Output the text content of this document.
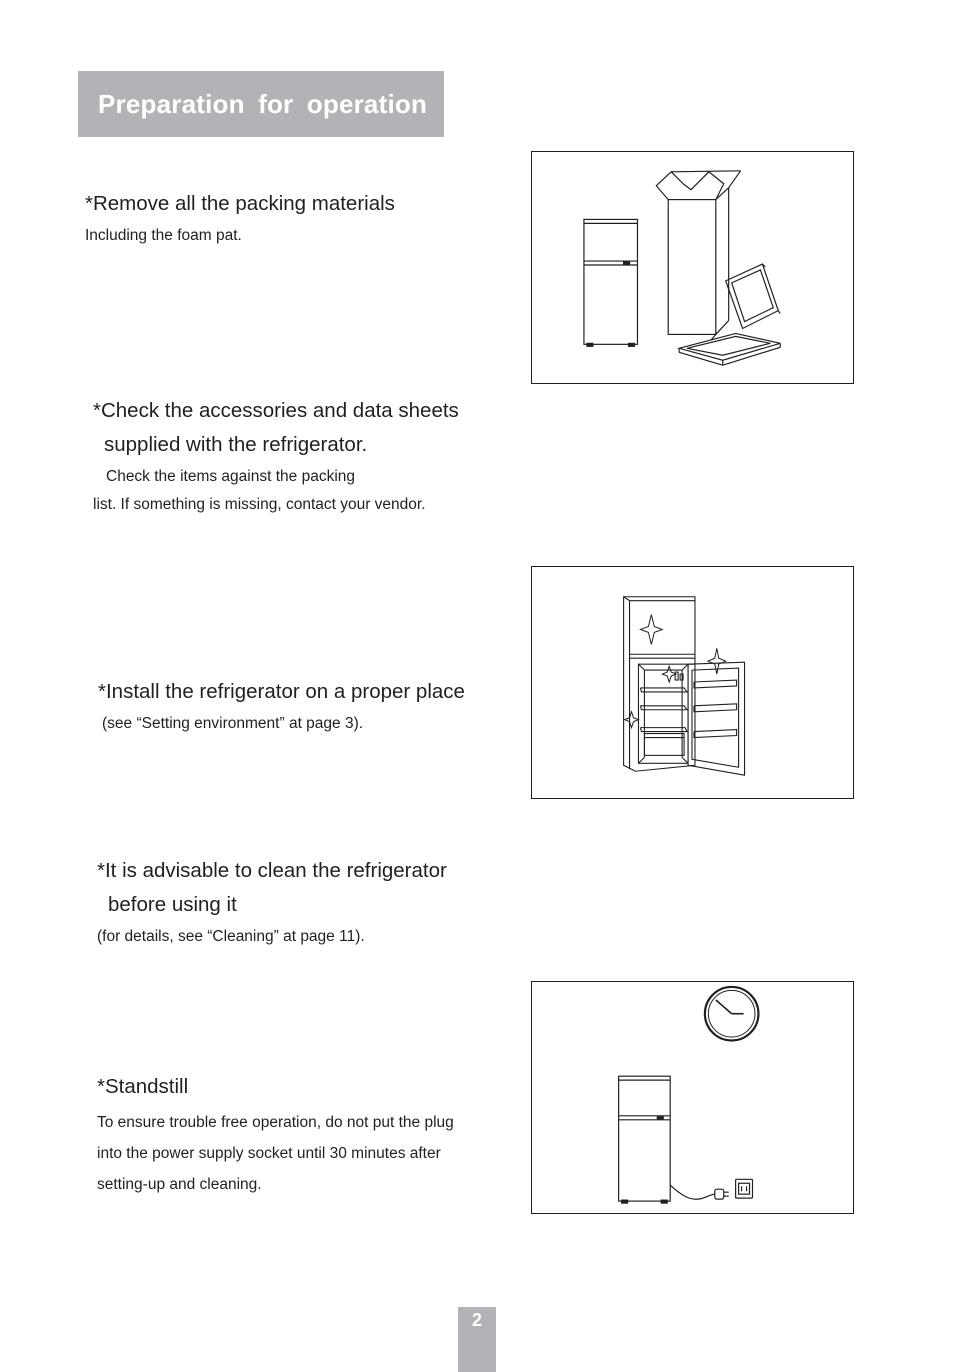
Preparation for operation
*Remove all the packing materials
Including the foam pat.
*Check the accessories and data sheets
supplied with the refrigerator.
Check the items against the packing
list. If something is missing, contact your vendor.
*Install the refrigerator on a proper place
(see “Setting environment” at page 3).
*It is advisable to clean the refrigerator
before using it
(for details, see “Cleaning” at page 11).
*Standstill
To ensure trouble free operation, do not put the plug
into the power supply socket until 30 minutes after
setting-up and cleaning.
2
